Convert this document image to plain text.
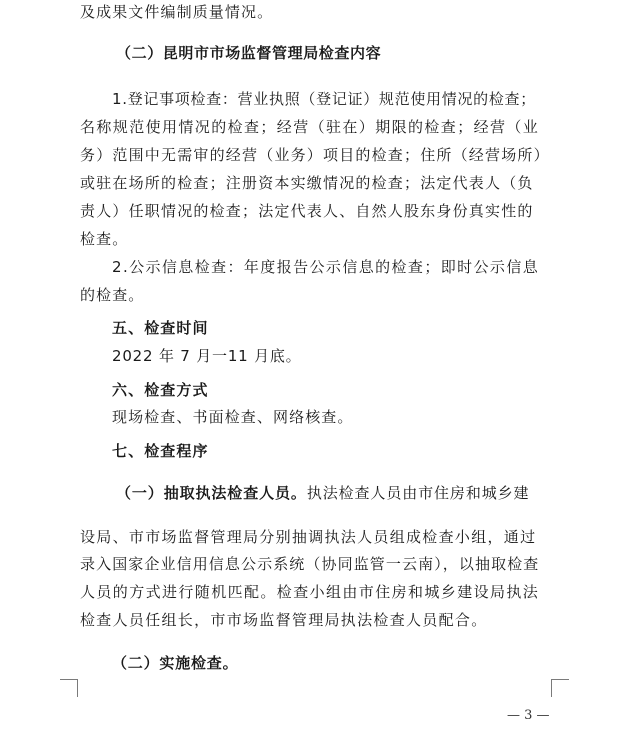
及成果文件编制质量情况。
（二）昆明市市场监督管理局检查内容
1.登记事项检查：营业执照（登记证）规范使用情况的检查；
名称规范使用情况的检查；经营（驻在）期限的检查；经营（业
务）范围中无需审的经营（业务）项目的检查；住所（经营场所）
或驻在场所的检查；注册资本实缴情况的检查；法定代表人（负
责人）任职情况的检查；法定代表人、自然人股东身份真实性的
检查。
2.公示信息检查：年度报告公示信息的检查；即时公示信息
的检查。
五、检查时间
2022 年 7 月一11 月底。
六、检查方式
现场检查、书面检查、网络核查。
七、检查程序
（一）抽取执法检查人员。执法检查人员由市住房和城乡建
设局、市市场监督管理局分别抽调执法人员组成检查小组，通过
录入国家企业信用信息公示系统（协同监管一云南），以抽取检查
人员的方式进行随机匹配。检查小组由市住房和城乡建设局执法
检查人员任组长，市市场监督管理局执法检查人员配合。
（二）实施检查。
— 3 —
